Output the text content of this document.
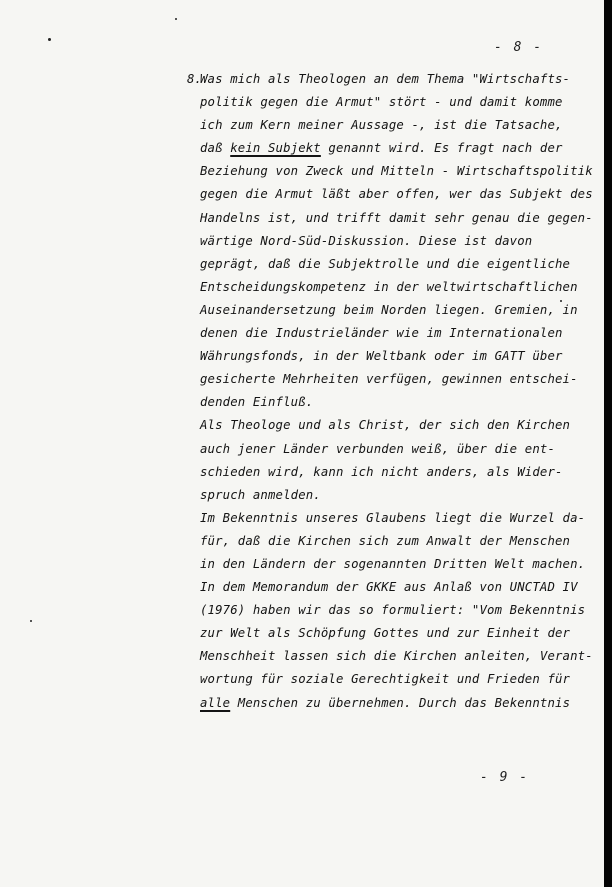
- 8 -
8.
Was mich als Theologen an dem Thema "Wirtschafts-
politik gegen die Armut" stört - und damit komme
ich zum Kern meiner Aussage -, ist die Tatsache,
daß kein Subjekt genannt wird. Es fragt nach der
Beziehung von Zweck und Mitteln - Wirtschaftspolitik
gegen die Armut läßt aber offen, wer das Subjekt des
Handelns ist, und trifft damit sehr genau die gegen-
wärtige Nord-Süd-Diskussion. Diese ist davon
geprägt, daß die Subjektrolle und die eigentliche
Entscheidungskompetenz in der weltwirtschaftlichen
Auseinandersetzung beim Norden liegen. Gremien, in
denen die Industrieländer wie im Internationalen
Währungsfonds, in der Weltbank oder im GATT über
gesicherte Mehrheiten verfügen, gewinnen entschei-
denden Einfluß.
Als Theologe und als Christ, der sich den Kirchen
auch jener Länder verbunden weiß, über die ent-
schieden wird, kann ich nicht anders, als Wider-
spruch anmelden.
Im Bekenntnis unseres Glaubens liegt die Wurzel da-
für, daß die Kirchen sich zum Anwalt der Menschen
in den Ländern der sogenannten Dritten Welt machen.
In dem Memorandum der GKKE aus Anlaß von UNCTAD IV
(1976) haben wir das so formuliert: "Vom Bekenntnis
zur Welt als Schöpfung Gottes und zur Einheit der
Menschheit lassen sich die Kirchen anleiten, Verant-
wortung für soziale Gerechtigkeit und Frieden für
alle Menschen zu übernehmen. Durch das Bekenntnis
- 9 -
